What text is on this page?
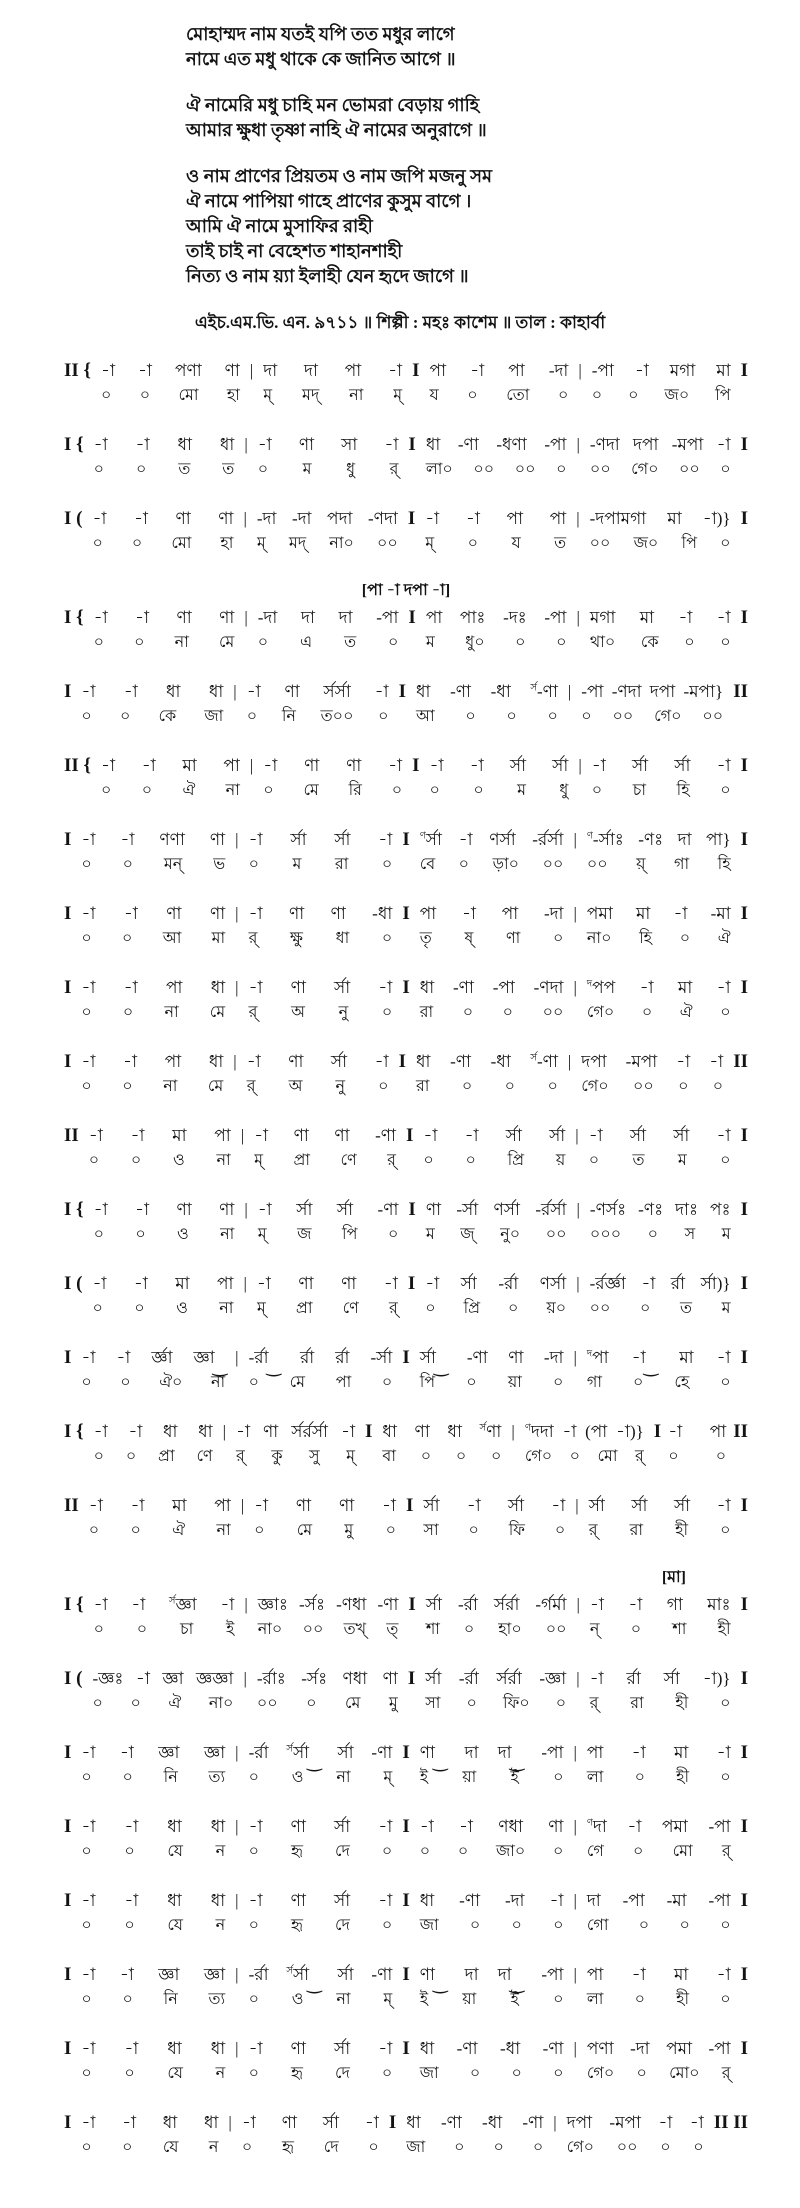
মোহাম্মদ নাম যতই যপি তত মধুর লাগে
নামে এত মধু থাকে কে জানিত আগে ॥
ঐ নামেরি মধু চাহি মন ভোমরা বেড়ায় গাহি
আমার ক্ষুধা তৃষ্ণা নাহি ঐ নামের অনুরাগে ॥
ও নাম প্রাণের প্রিয়তম ও নাম জপি মজনু সম
ঐ নামে পাপিয়া গাহে প্রাণের কুসুম বাগে ।
আমি ঐ নামে মুসাফির রাহী
তাই চাই না বেহেশত শাহানশাহী
নিত্য ও নাম য়্যা ইলাহী যেন হৃদে জাগে ॥
এইচ.এম.ভি. এন. ৯৭১১ ॥ শিল্পী : মহঃ কাশেম ॥ তাল : কাহার্বা
II { -া -া পণা ণা
০ ০ মো হা
| দা দা পা -া
ম্ মদ্ না ম্
I পা -া পা -দা
য ০ তো ০
| -পা -া মগা মা
০ ০ জ০ পি
I
I { -া -া ধা ধা
০ ০ ত ত
| -া ণা সা -া
০ ম ধু র্
I ধা -ণা -ধণা -পা
লা০ ০০ ০০ ০
| -ণদা দপা -মপা -া
০০ গে০ ০০ ০
I
I ( -া -া ণা ণা
০ ০ মো হা
| -দা -দা পদা -ণদা
ম্ মদ্ না০ ০০
I -া -া পা পা
ম্ ০ য ত
| -দপামগা মা -া)}
০০ জ০ পি ০
I
[পা -া দপা -া]
I { -া -া ণা ণা
০ ০ না মে
| -দা দা দা -পা
০ এ ত ০
I পা পাঃ -দঃ -পা
ম ধু০ ০ ০
| মগা মা -া -া
থা০ কে ০ ০
I
I -া -া ধা ধা
০ ০ কে জা
| -া ণা র্সর্সা -া
০ নি ত০০ ০
I ধা -ণা -ধা $^{র্স}$-ণা
আ ০ ০ ০
| -পা -ণদা দপা -মপা}
০ ০০ গে০ ০০
II
II { -া -া মা পা
০ ০ ঐ না
| -া ণা ণা -া
০ মে রি ০
I -া -া র্সা র্সা
০ ০ ম ধু
| -া র্সা র্সা -া
০ চা হি ০
I
I -া -া ণণা ণা
০ ০ মন্ ভ
| -া র্সা র্সা -া
০ ম রা ০
I $^ণ$র্সা -া ণর্সা -র্রর্সা
বে ০ ড়া০ ০০
| $^ণ$-র্সাঃ -ণঃ দা পা}
০০ য়্ গা হি
I
I -া -া ণা ণা
০ ০ আ মা
| -া ণা ণা -ধা
র্ ক্ষু ধা ০
I পা -া পা -দা
তৃ ষ্ ণা ০
| পমা মা -া -মা
না০ হি ০ ঐ
I
I -া -া পা ধা
০ ০ না মে
| -া ণা র্সা -া
র্ অ নু ০
I ধা -ণা -পা -ণদা
রা ০ ০ ০০
| $^দ$পপ -া মা -া
গে০ ০ ঐ ০
I
I -া -া পা ধা
০ ০ না মে
| -া ণা র্সা -া
র্ অ নু ০
I ধা -ণা -ধা $^{র্স}$-ণা
রা ০ ০ ০
| দপা -মপা -া -া
গে০ ০০ ০ ০
II
II -া -া মা পা
০ ০ ও না
| -া ণা ণা -ণা
ম্ প্রা ণে র্
I -া -া র্সা র্সা
০ ০ প্রি য়
| -া র্সা র্সা -া
০ ত ম ০
I
I { -া -া ণা ণা
০ ০ ও না
| -া র্সা র্সা -ণা
ম্ জ পি ০
I ণা -র্সা ণর্সা -র্রর্সা
ম জ্ নু০ ০০
| -ণর্সঃ -ণঃ দাঃ পঃ
০০০ ০ স ম
I
I ( -া -া মা পা
০ ০ ও না
| -া ণা ণা -া
ম্ প্রা ণে র্
I -া র্সা -র্রা ণর্সা
০ প্রি ০ য়০
| -র্রর্জ্ঞা -া র্রা র্সা)}
০০ ০ ত ম
I
I -া -া র্জ্ঞা জ্ঞা‿
০ ০ ঐ০ না
| -র্রা‿ র্রা র্রা -র্সা
০ মে পা ০
I র্সা‿ -ণা ণা -দা
পি ০ য়া ০
| $^দ$পা -া‿ মা -া
গা ০ হে ০
I
I { -া -া ধা ধা
০ ০ প্রা ণে
| -া ণা র্সর্রর্সা -া
র্ কু সু ম্
I ধা ণা ধা $^{র্স}$ণা
বা ০ ০ ০
| $^ণ$দদা -া (পা -া)}
গে০ ০ মো র্
I -া পা
০ ০
II
II -া -া মা পা
০ ০ ঐ না
| -া ণা ণা -া
০ মে মু ০
I র্সা -া র্সা -া
সা ০ ফি ০
| র্সা র্সা র্সা -া
র্ রা হী ০
I
[মা]
I { -া -া $^{র্স}$জ্ঞা -া
০ ০ চা ই
| জ্ঞাঃ -র্সঃ -ণধা -ণা
না০ ০০ তখ্ ত্
I র্সা -র্রা র্সর্রা -র্গর্মা
শা ০ হা০ ০০
| -া -া গা মাঃ
ন্ ০ শা হী
I
I ( -জ্ঞঃ -া জ্ঞা জ্ঞজ্ঞা
০ ০ ঐ না০
| -র্রাঃ -র্সঃ ণধা ণা
০০ ০ মে মু
I র্সা -র্রা র্সর্রা -জ্ঞা
সা ০ ফি০ ০
| -া র্রা র্সা -া)}
র্ রা হী ০
I
I -া -া জ্ঞা জ্ঞা
০ ০ নি ত্য
| -র্রা $^{র্স}$র্সা‿ র্সা -ণা
০ ও না ম্
I ণা‿ দা দা‿ -পা
ই য়া ই ০
| পা -া মা -া
লা ০ হী ০
I
I -া -া ধা ধা
০ ০ যে ন
| -া ণা র্সা -া
০ হৃ দে ০
I -া -া ণধা ণা
০ ০ জা০ ০
| $^ণ$দা -া পমা -পা
গে ০ মো র্
I
I -া -া ধা ধা
০ ০ যে ন
| -া ণা র্সা -া
০ হৃ দে ০
I ধা -ণা -দা -া
জা ০ ০ ০
| দা -পা -মা -পা
গো ০ ০ ০
I
I -া -া জ্ঞা জ্ঞা
০ ০ নি ত্য
| -র্রা $^{র্স}$র্সা‿ র্সা -ণা
০ ও না ম্
I ণা‿ দা দা‿ -পা
ই য়া ই ০
| পা -া মা -া
লা ০ হী ০
I
I -া -া ধা ধা
০ ০ যে ন
| -া ণা র্সা -া
০ হৃ দে ০
I ধা -ণা -ধা -ণা
জা ০ ০ ০
| পণা -দা পমা -পা
গে০ ০ মো০ র্
I
I -া -া ধা ধা
০ ০ যে ন
| -া ণা র্সা -া
০ হৃ দে ০
I ধা -ণা -ধা -ণা
জা ০ ০ ০
| দপা -মপা -া -া
গে০ ০০ ০ ০
II II
